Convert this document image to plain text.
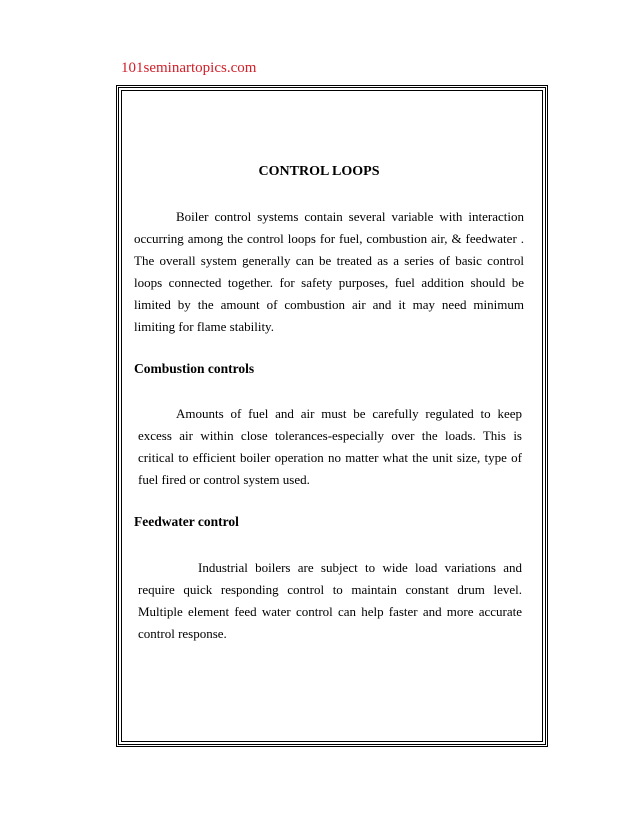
101seminartopics.com
CONTROL LOOPS

Boiler control systems contain several variable with interaction occurring among the control loops for fuel, combustion air, & feedwater . The overall system generally can be treated as a series of basic control loops connected together. for safety purposes, fuel addition should be limited by the amount of combustion air and it may need minimum limiting for flame stability.

Combustion controls

Amounts of fuel and air must be carefully regulated to keep excess air within close tolerances-especially over the loads. This is critical to efficient boiler operation no matter what the unit size, type of fuel fired or control system used.

Feedwater control

Industrial boilers are subject to wide load variations and require quick responding control to maintain constant drum level. Multiple element feed water control can help faster and more accurate control response.
